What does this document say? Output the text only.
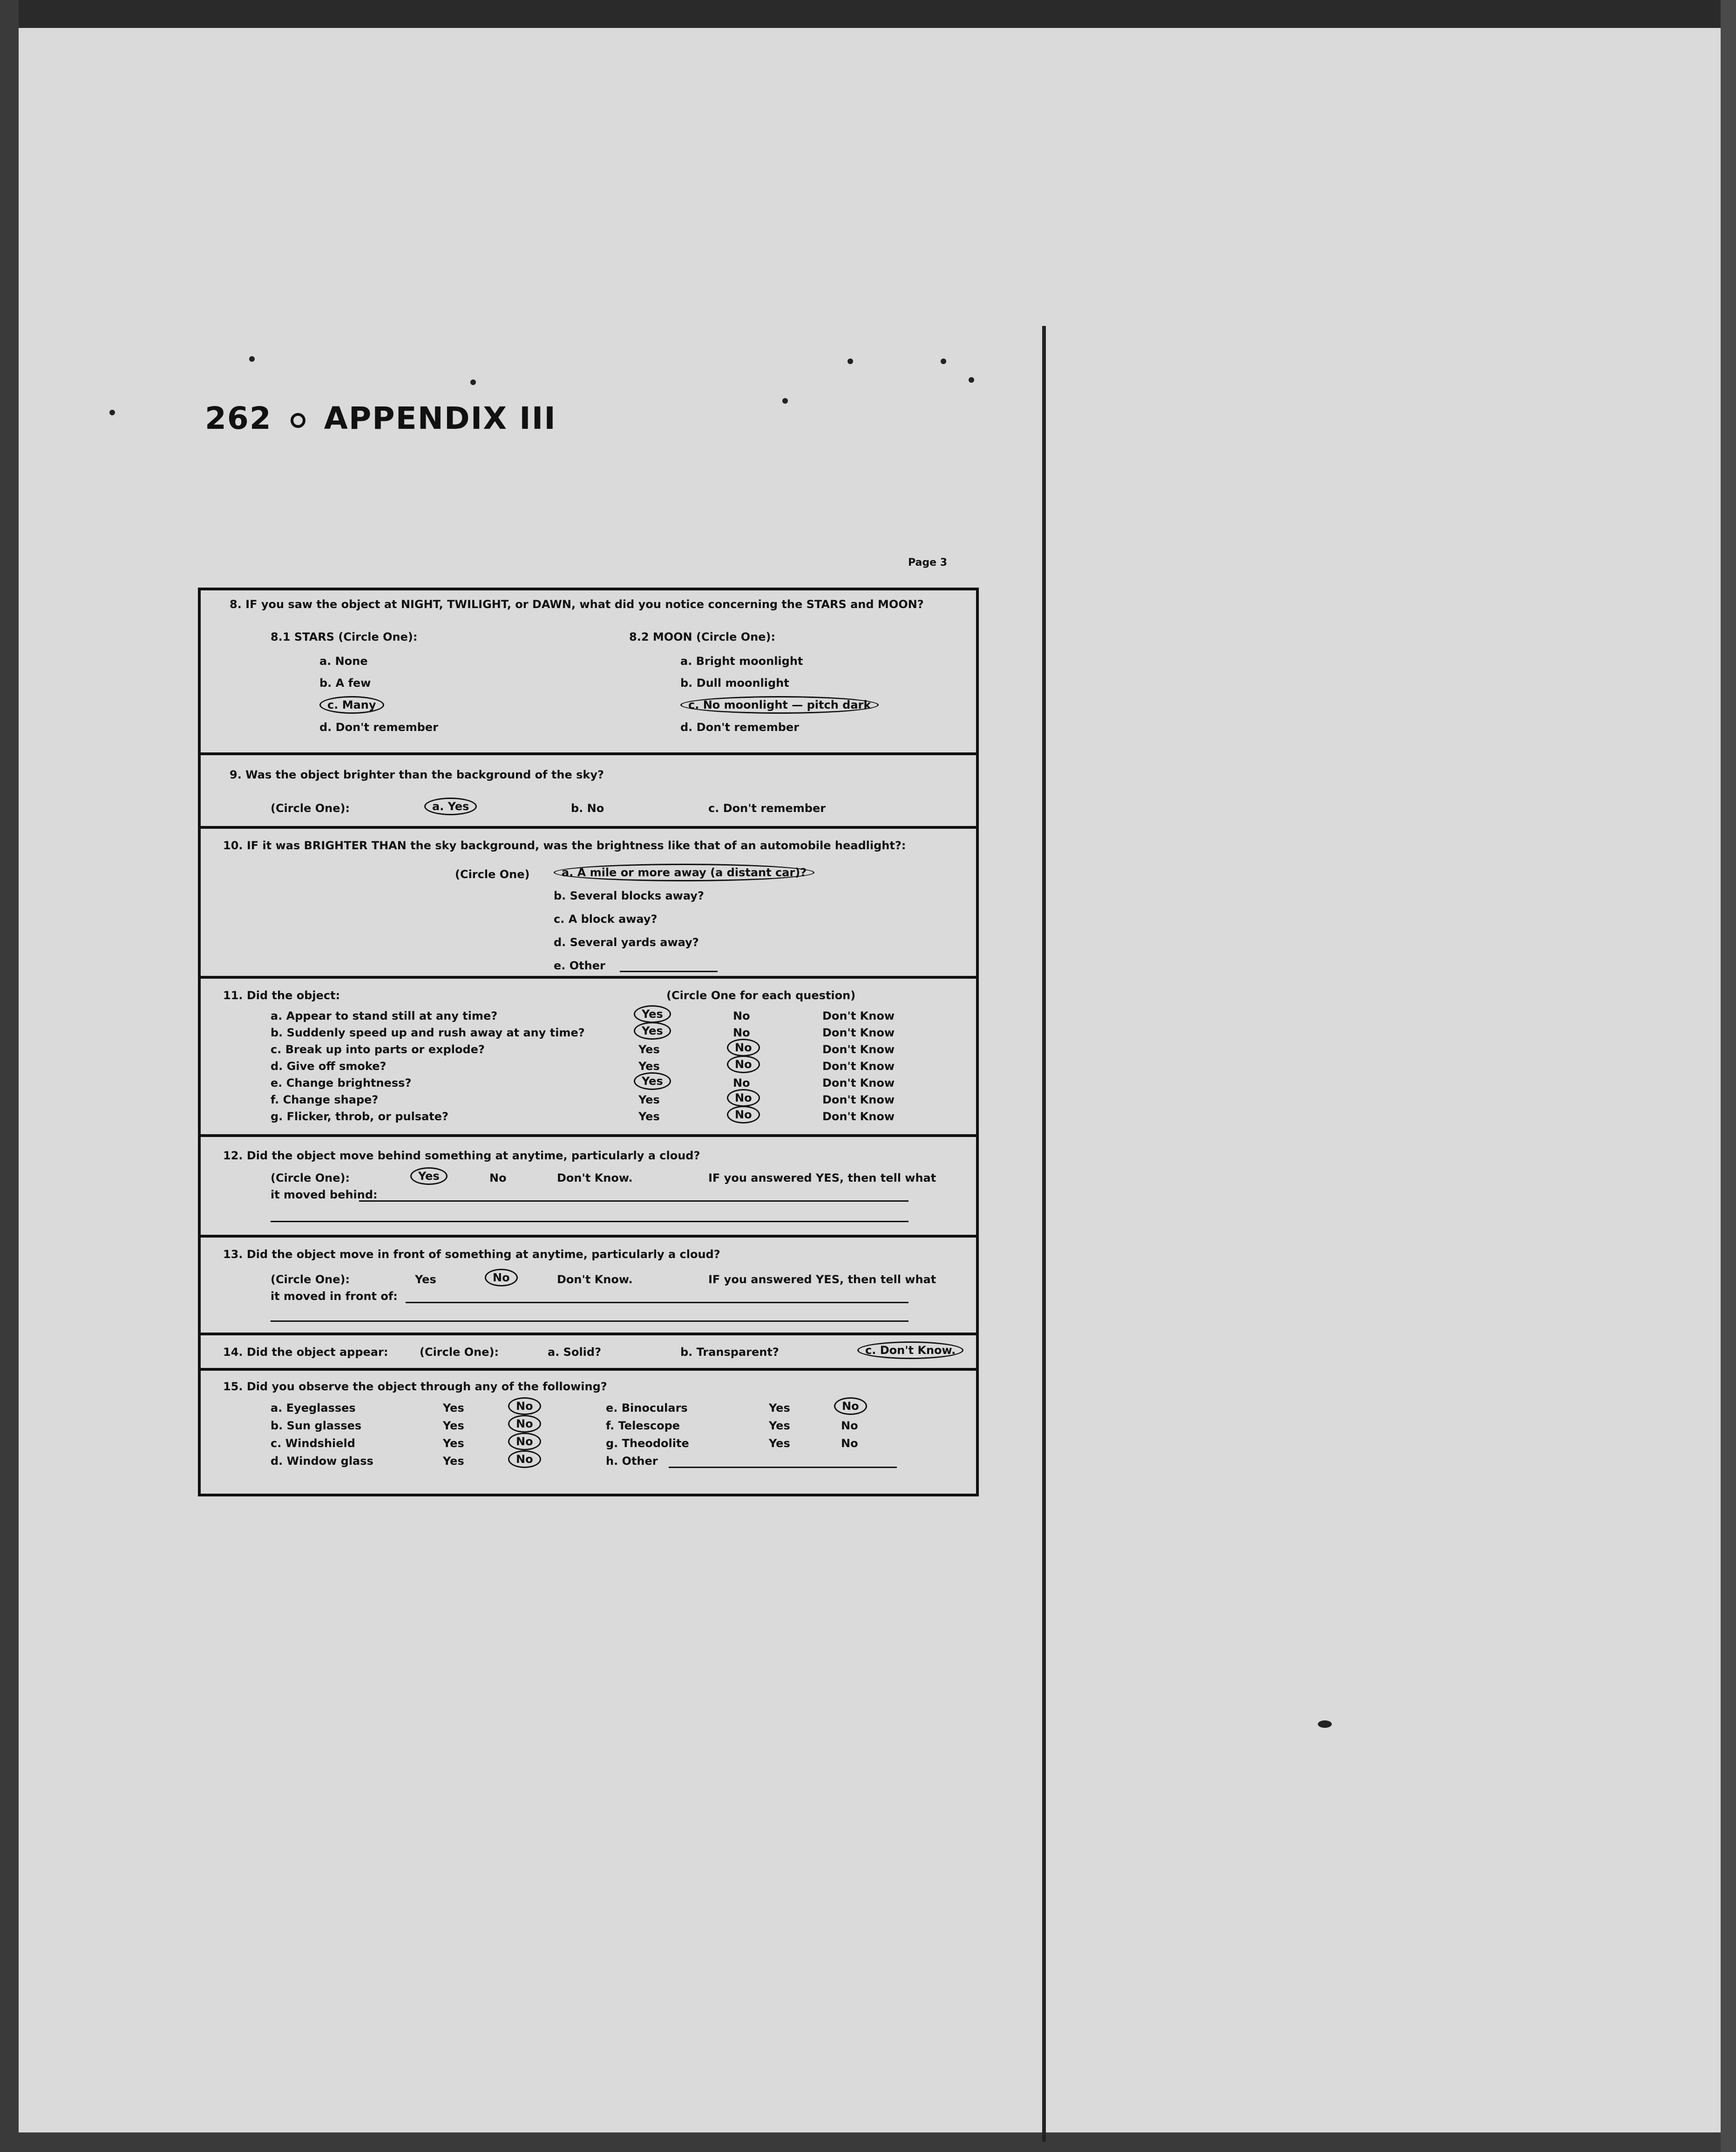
262 APPENDIX III
Page 3
8. IF you saw the object at NIGHT, TWILIGHT, or DAWN, what did you notice concerning the STARS and MOON?
8.1 STARS (Circle One):
a. None
b. A few
c. Many
d. Don't remember
8.2 MOON (Circle One):
a. Bright moonlight
b. Dull moonlight
c. No moonlight — pitch dark
d. Don't remember
9. Was the object brighter than the background of the sky?
(Circle One):	a. Yes	b. No	c. Don't remember
10. IF it was BRIGHTER THAN the sky background, was the brightness like that of an automobile headlight?:
(Circle One)	a. A mile or more away (a distant car)?
b. Several blocks away?
c. A block away?
d. Several yards away?
e. Other
11. Did the object:	(Circle One for each question)
a. Appear to stand still at any time?	Yes	No	Don't Know
b. Suddenly speed up and rush away at any time?	Yes	No	Don't Know
c. Break up into parts or explode?	Yes	No	Don't Know
d. Give off smoke?	Yes	No	Don't Know
e. Change brightness?	Yes	No	Don't Know
f. Change shape?	Yes	No	Don't Know
g. Flicker, throb, or pulsate?	Yes	No	Don't Know
12. Did the object move behind something at anytime, particularly a cloud?
(Circle One):	Yes	No	Don't Know.	IF you answered YES, then tell what
it moved behind:
13. Did the object move in front of something at anytime, particularly a cloud?
(Circle One):	Yes	No	Don't Know.	IF you answered YES, then tell what
it moved in front of:
14. Did the object appear:	(Circle One):	a. Solid?	b. Transparent?	c. Don't Know.
15. Did you observe the object through any of the following?
a. Eyeglasses	Yes	No
b. Sun glasses	Yes	No
c. Windshield	Yes	No
d. Window glass	Yes	No
e. Binoculars	Yes	No
f. Telescope	Yes	No
g. Theodolite	Yes	No
h. Other
